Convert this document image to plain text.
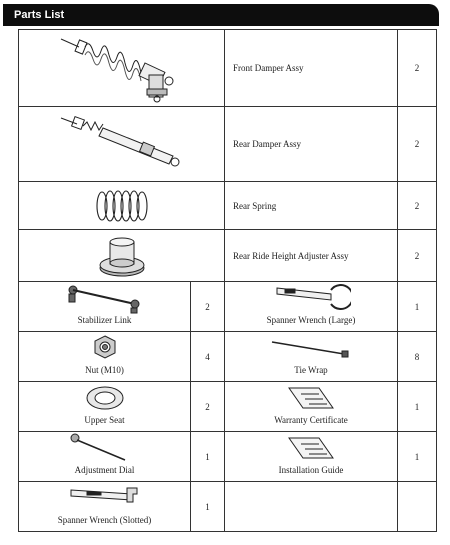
Parts List
	Front Damper Assy	2

	Rear Damper Assy	2

	Rear Spring	2

	Rear Ride Height Adjuster Assy	2

Stabilizer Link	2	Spanner Wrench (Large)	1

Nut (M10)	4	Tie Wrap	8

Upper Seat	2	Warranty Certificate	1

Adjustment Dial	1	Installation Guide	1

Spanner Wrench (Slotted)	1		
